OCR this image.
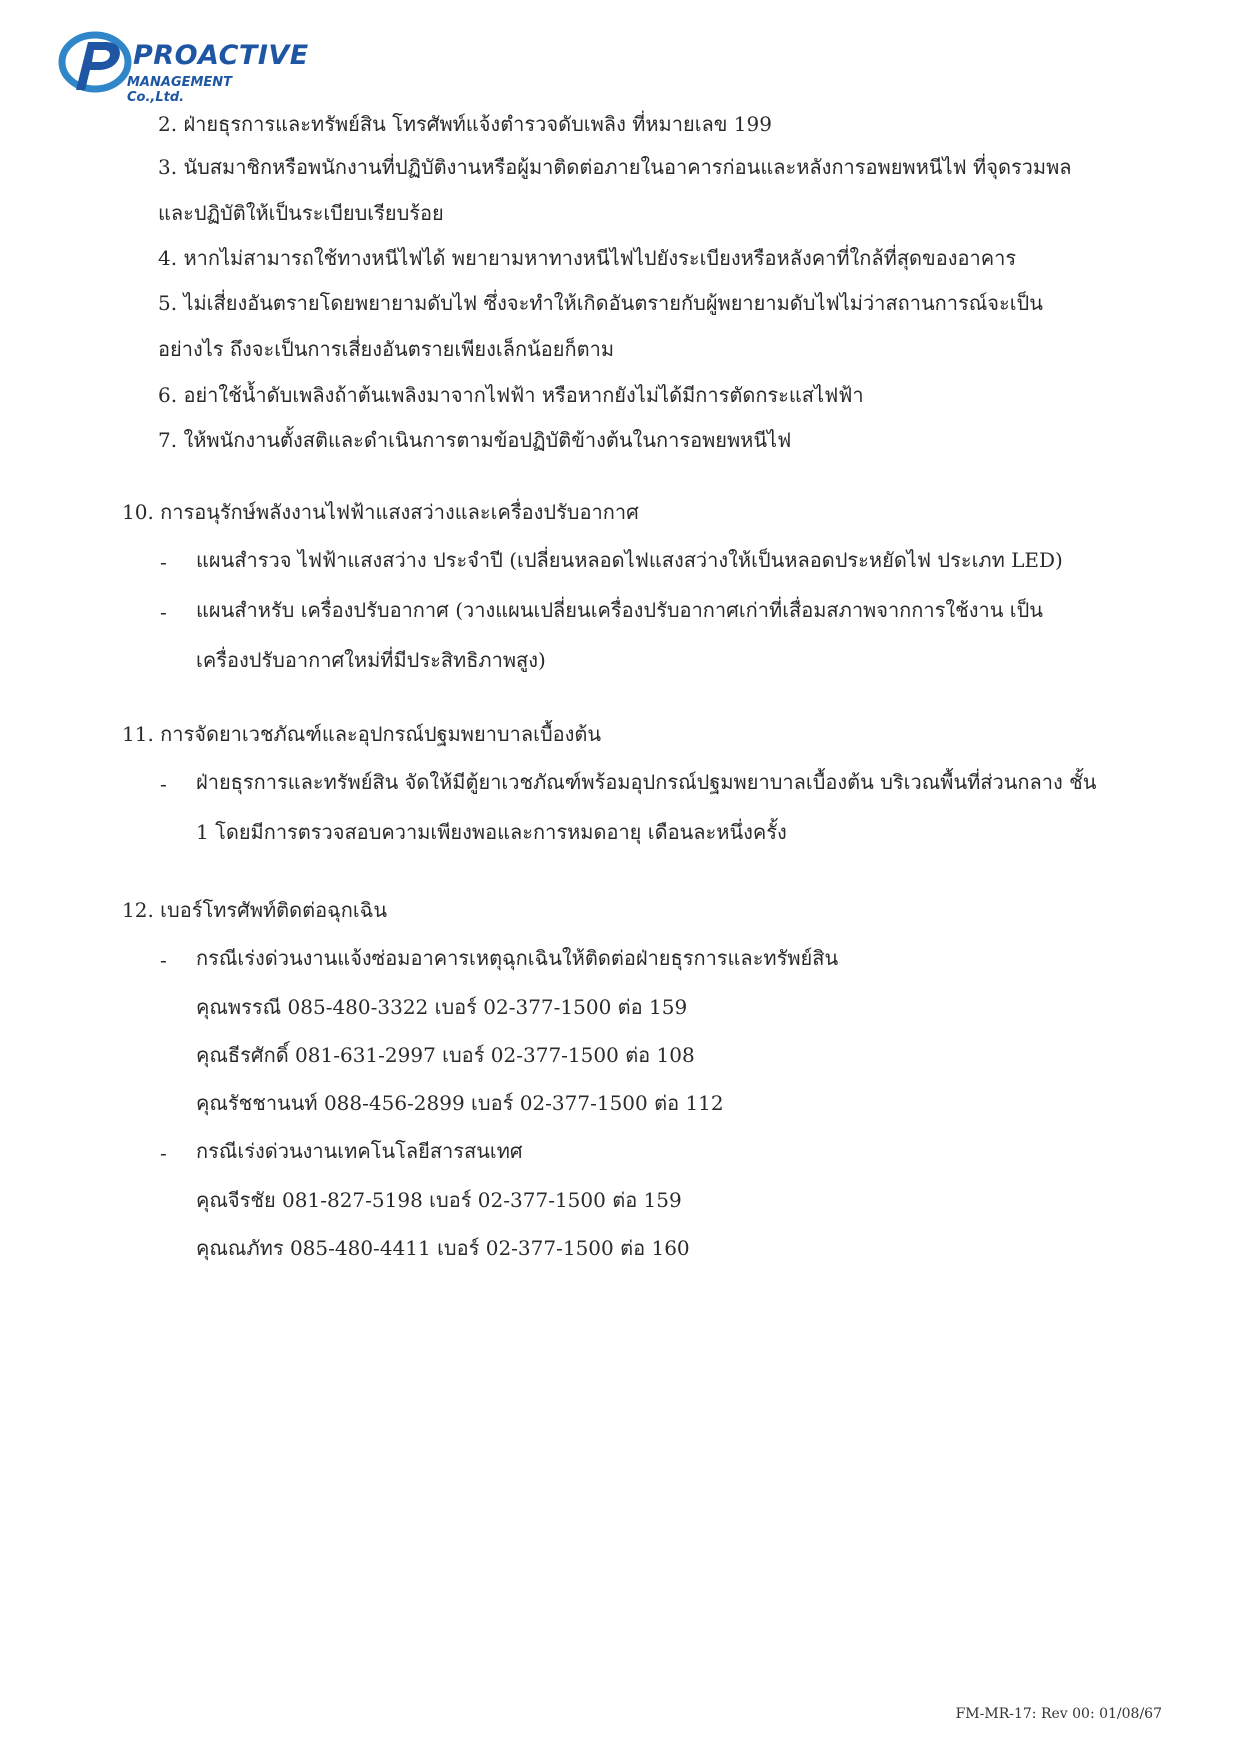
PROACTIVE
MANAGEMENT Co.,Ltd.
2. ฝ่ายธุรการและทรัพย์สิน โทรศัพท์แจ้งตำรวจดับเพลิง ที่หมายเลข 199
3. นับสมาชิกหรือพนักงานที่ปฏิบัติงานหรือผู้มาติดต่อภายในอาคารก่อนและหลังการอพยพหนีไฟ ที่จุดรวมพล
และปฏิบัติให้เป็นระเบียบเรียบร้อย
4. หากไม่สามารถใช้ทางหนีไฟได้ พยายามหาทางหนีไฟไปยังระเบียงหรือหลังคาที่ใกล้ที่สุดของอาคาร
5. ไม่เสี่ยงอันตรายโดยพยายามดับไฟ ซึ่งจะทำให้เกิดอันตรายกับผู้พยายามดับไฟไม่ว่าสถานการณ์จะเป็น
อย่างไร ถึงจะเป็นการเสี่ยงอันตรายเพียงเล็กน้อยก็ตาม
6. อย่าใช้น้ำดับเพลิงถ้าต้นเพลิงมาจากไฟฟ้า หรือหากยังไม่ได้มีการตัดกระแสไฟฟ้า
7. ให้พนักงานตั้งสติและดำเนินการตามข้อปฏิบัติข้างต้นในการอพยพหนีไฟ
10. การอนุรักษ์พลังงานไฟฟ้าแสงสว่างและเครื่องปรับอากาศ
- แผนสำรวจ ไฟฟ้าแสงสว่าง ประจำปี (เปลี่ยนหลอดไฟแสงสว่างให้เป็นหลอดประหยัดไฟ ประเภท LED)
- แผนสำหรับ เครื่องปรับอากาศ (วางแผนเปลี่ยนเครื่องปรับอากาศเก่าที่เสื่อมสภาพจากการใช้งาน เป็น
เครื่องปรับอากาศใหม่ที่มีประสิทธิภาพสูง)
11. การจัดยาเวชภัณฑ์และอุปกรณ์ปฐมพยาบาลเบื้องต้น
- ฝ่ายธุรการและทรัพย์สิน จัดให้มีตู้ยาเวชภัณฑ์พร้อมอุปกรณ์ปฐมพยาบาลเบื้องต้น บริเวณพื้นที่ส่วนกลาง ชั้น
1 โดยมีการตรวจสอบความเพียงพอและการหมดอายุ เดือนละหนึ่งครั้ง
12. เบอร์โทรศัพท์ติดต่อฉุกเฉิน
- กรณีเร่งด่วนงานแจ้งซ่อมอาคารเหตุฉุกเฉินให้ติดต่อฝ่ายธุรการและทรัพย์สิน
คุณพรรณี 085-480-3322 เบอร์ 02-377-1500 ต่อ 159
คุณธีรศักดิ์ 081-631-2997 เบอร์ 02-377-1500 ต่อ 108
คุณรัชชานนท์ 088-456-2899 เบอร์ 02-377-1500 ต่อ 112
- กรณีเร่งด่วนงานเทคโนโลยีสารสนเทศ
คุณจีรชัย 081-827-5198 เบอร์ 02-377-1500 ต่อ 159
คุณณภัทร 085-480-4411 เบอร์ 02-377-1500 ต่อ 160
FM-MR-17: Rev 00: 01/08/67
